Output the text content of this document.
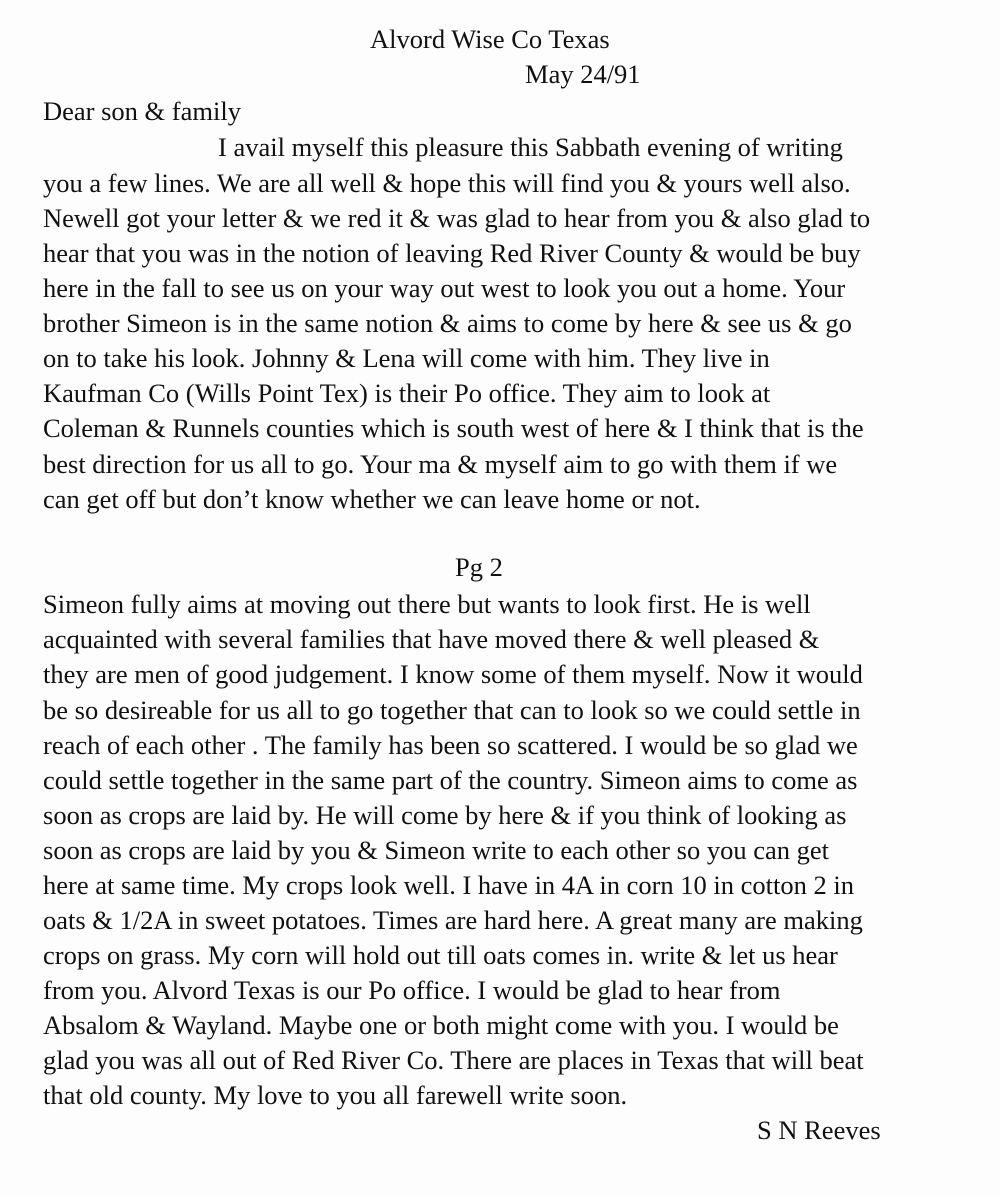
Alvord Wise Co Texas
May 24/91
Dear son & family
I avail myself this pleasure this Sabbath evening of writing
you a few lines. We are all well & hope this will find you & yours well also.
Newell got your letter & we red it & was glad to hear from you & also glad to
hear that you was in the notion of leaving Red River County & would be buy
here in the fall to see us on your way out west to look you out a home. Your
brother Simeon is in the same notion & aims to come by here & see us & go
on to take his look. Johnny & Lena will come with him. They live in
Kaufman Co (Wills Point Tex) is their Po office. They aim to look at
Coleman & Runnels counties which is south west of here & I think that is the
best direction for us all to go. Your ma & myself aim to go with them if we
can get off but don’t know whether we can leave home or not.
Pg 2
Simeon fully aims at moving out there but wants to look first. He is well
acquainted with several families that have moved there & well pleased &
they are men of good judgement. I know some of them myself. Now it would
be so desireable for us all to go together that can to look so we could settle in
reach of each other . The family has been so scattered. I would be so glad we
could settle together in the same part of the country. Simeon aims to come as
soon as crops are laid by. He will come by here & if you think of looking as
soon as crops are laid by you & Simeon write to each other so you can get
here at same time. My crops look well. I have in 4A in corn 10 in cotton 2 in
oats & 1/2A in sweet potatoes. Times are hard here. A great many are making
crops on grass. My corn will hold out till oats comes in. write & let us hear
from you. Alvord Texas is our Po office. I would be glad to hear from
Absalom & Wayland. Maybe one or both might come with you. I would be
glad you was all out of Red River Co. There are places in Texas that will beat
that old county. My love to you all farewell write soon.
S N Reeves
